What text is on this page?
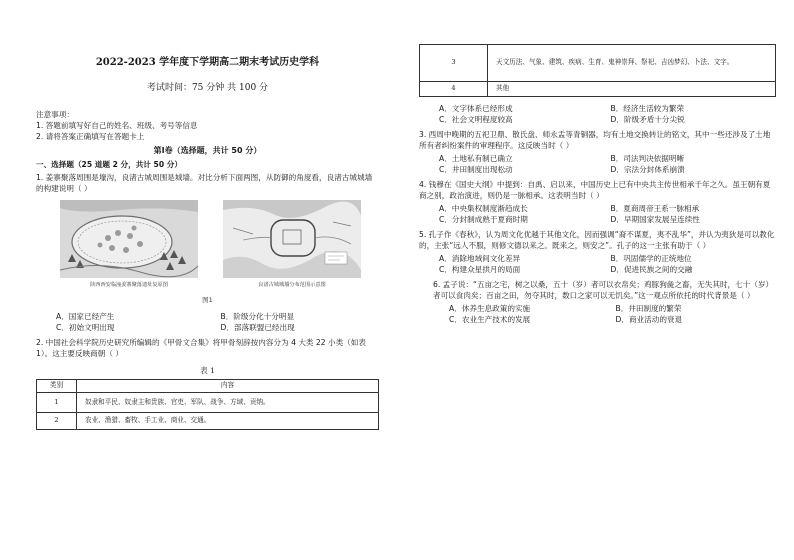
2022-2023 学年度下学期高二期末考试历史学科
考试时间：75 分钟 共 100 分
注意事项：
1. 答题前填写好自己的姓名、班级、考号等信息
2. 请将答案正确填写在答题卡上
第Ⅰ卷（选择题，共计 50 分）
一、选择题（25 道题 2 分，共计 50 分）

1. 姜寨聚落周围是壕沟，良渚古城周围是城墙。对比分析下面两图，从防御的角度看，良渚古城城墙的构建说明（ ）

陕西西安临潼姜寨聚落遗址复原图	良渚古城城墙分布范围示意图
图1
A．国家已经产生	B．阶级分化十分明显
C．初始文明出现	D．部落联盟已经出现

2. 中国社会科学院历史研究所编辑的《甲骨文合集》将甲骨刻辞按内容分为 4 大类 22 小类（如表 1）。这主要反映商朝（ ）

表 1
类别	内容
1	奴隶和平民、奴隶主和贵族、官吏、军队、战争、方域、贡纳。
2	农业、渔猎、畜牧、手工业、商业、交通。
3	天文历法、气象、建筑、疾病、生育、鬼神崇拜、祭祀、吉凶梦幻、卜法、文字。
4	其他
A．文字体系已经形成	B．经济生活较为繁荣
C．社会文明程度较高	D．阶级矛盾十分尖锐

3. 西周中晚期的五祀卫鼎、散氏盘、师永盂等青铜器，均有土地交换转让的铭文，其中一些还涉及了土地所有者纠纷案件的审理程序。这反映当时（ ）

A．土地私有制已确立	B．司法判决依据明晰
C．井田制度出现松动	D．宗法分封体系崩溃

4. 钱穆在《国史大纲》中提到：自禹、启以来，中国历史上已有中央共主传世相承千年之久。虽王朝有夏商之别，政治演进，则仍是一脉相承。这表明当时（ ）

A．中央集权制度渐趋成长	B．夏商周帝王系一脉相承
C．分封制成熟于夏商时期	D．早期国家发展呈连续性

5. 孔子作《春秋》，认为周文化优越于其他文化，因而强调“裔不谋夏，夷不乱华”，并认为夷狄是可以教化的，主张“远人不服，则修文德以来之。既来之，则安之”。孔子的这一主张有助于（ ）

A．消除地域间文化差异	B．巩固儒学的正统地位
C．构建众星拱月的局面	D．促进民族之间的交融

6. 孟子说：“五亩之宅，树之以桑，五十（岁）者可以衣帛矣；鸡豚狗彘之畜，无失其时，七十（岁）者可以食肉矣；百亩之田，勿夺其时，数口之家可以无饥矣。”这一观点所依托的时代背景是（ ）

A．休养生息政策的实施	B．井田制度的繁荣
C．农业生产技术的发展	D．商业活动的衰退
